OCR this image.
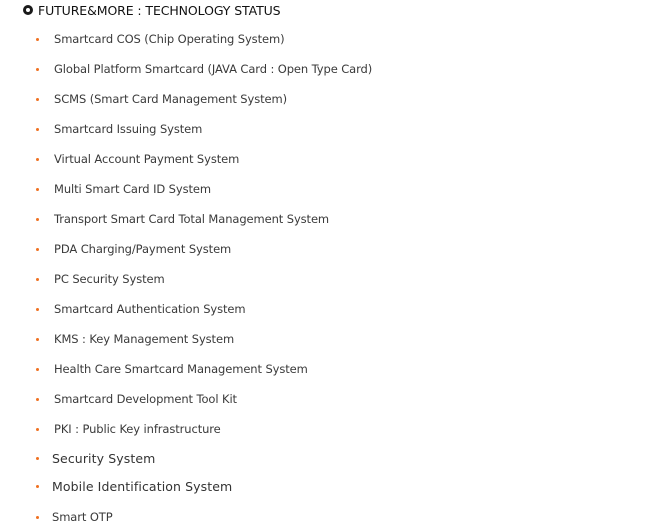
FUTURE&MORE : TECHNOLOGY STATUS
Smartcard COS (Chip Operating System)
Global Platform Smartcard (JAVA Card : Open Type Card)
SCMS (Smart Card Management System)
Smartcard Issuing System
Virtual Account Payment System
Multi Smart Card ID System
Transport Smart Card Total Management System
PDA Charging/Payment System
PC Security System
Smartcard Authentication System
KMS : Key Management System
Health Care Smartcard Management System
Smartcard Development Tool Kit
PKI : Public Key infrastructure
Security System
Mobile Identification System
Smart OTP
